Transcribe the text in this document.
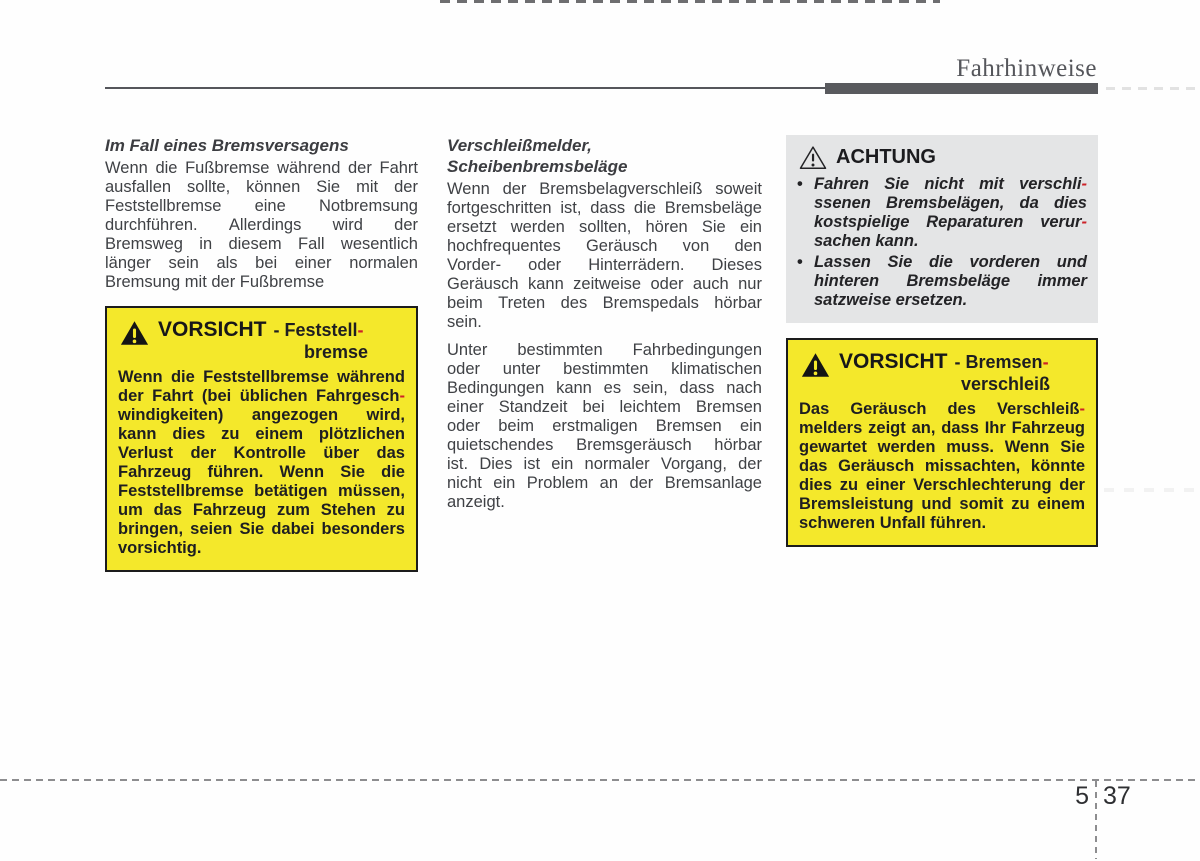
Fahrhinweise
Im Fall eines Bremsversagens
Wenn die Fußbremse während der Fahrt
ausfallen sollte, können Sie mit der
Feststellbremse eine Notbremsung
durchführen. Allerdings wird der
Bremsweg in diesem Fall wesentlich
länger sein als bei einer normalen
Bremsung mit der Fußbremse
VORSICHT - Feststell-
bremse
Wenn die Feststellbremse während
der Fahrt (bei üblichen Fahrgesch-
windigkeiten) angezogen wird,
kann dies zu einem plötzlichen
Verlust der Kontrolle über das
Fahrzeug führen. Wenn Sie die
Feststellbremse betätigen müssen,
um das Fahrzeug zum Stehen zu
bringen, seien Sie dabei besonders
vorsichtig.
Verschleißmelder,
Scheibenbremsbeläge
Wenn der Bremsbelagverschleiß soweit
fortgeschritten ist, dass die Bremsbeläge
ersetzt werden sollten, hören Sie ein
hochfrequentes Geräusch von den
Vorder- oder Hinterrädern. Dieses
Geräusch kann zeitweise oder auch nur
beim Treten des Bremspedals hörbar
sein.
Unter bestimmten Fahrbedingungen
oder unter bestimmten klimatischen
Bedingungen kann es sein, dass nach
einer Standzeit bei leichtem Bremsen
oder beim erstmaligen Bremsen ein
quietschendes Bremsgeräusch hörbar
ist. Dies ist ein normaler Vorgang, der
nicht ein Problem an der Bremsanlage
anzeigt.
ACHTUNG
• Fahren Sie nicht mit verschli-
ssenen Bremsbelägen, da dies
kostspielige Reparaturen verur-
sachen kann.
• Lassen Sie die vorderen und
hinteren Bremsbeläge immer
satzweise ersetzen.
VORSICHT - Bremsen-
verschleiß
Das Geräusch des Verschleiß-
melders zeigt an, dass Ihr Fahrzeug
gewartet werden muss. Wenn Sie
das Geräusch missachten, könnte
dies zu einer Verschlechterung der
Bremsleistung und somit zu einem
schweren Unfall führen.
5 37
